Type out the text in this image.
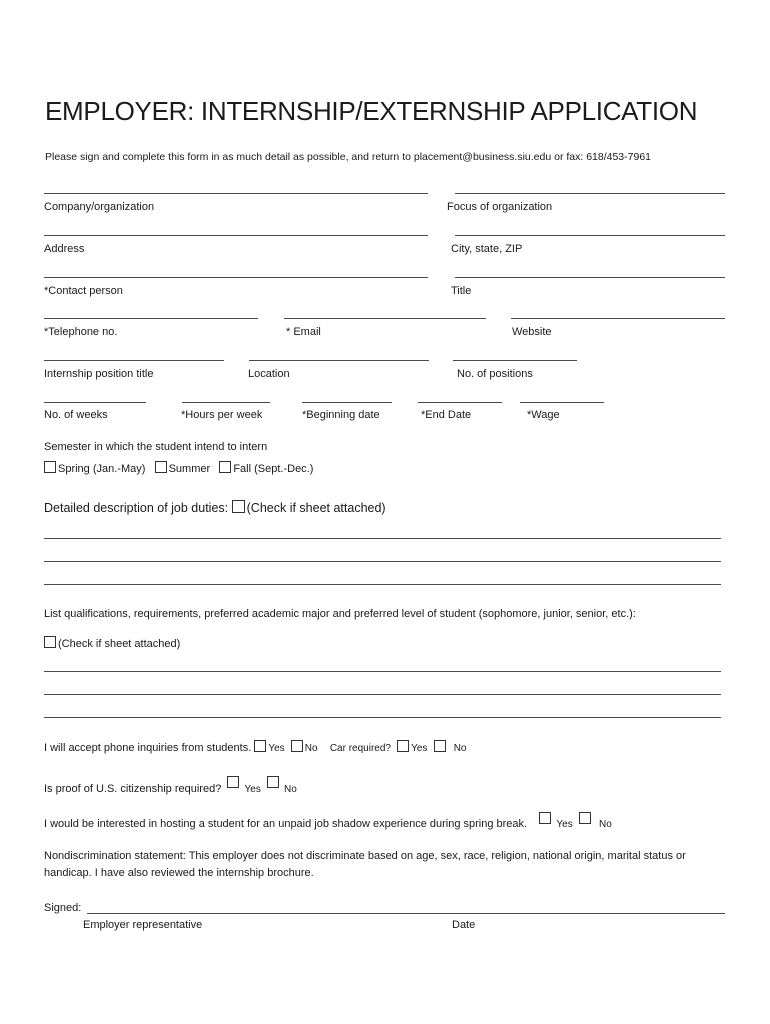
EMPLOYER: INTERNSHIP/EXTERNSHIP APPLICATION
Please sign and complete this form in as much detail as possible, and return to placement@business.siu.edu or fax: 618/453-7961
Company/organization	Focus of organization
Address	City, state, ZIP
*Contact person	Title
*Telephone no.	* Email	Website
Internship position title	Location	No. of positions
No. of weeks	*Hours per week	*Beginning date	*End Date	*Wage
Semester in which the student intend to intern
Spring (Jan.-May) Summer Fall (Sept.-Dec.)
Detailed description of job duties: (Check if sheet attached)
List qualifications, requirements, preferred academic major and preferred level of student (sophomore, junior, senior, etc.):
(Check if sheet attached)
I will accept phone inquiries from students. Yes No Car required? Yes	No
Is proof of U.S. citizenship required? Yes No
I would be interested in hosting a student for an unpaid job shadow experience during spring break.	Yes	No
Nondiscrimination statement: This employer does not discriminate based on age, sex, race, religion, national origin, marital status or
handicap. I have also reviewed the internship brochure.
Signed:
Employer representative	Date
